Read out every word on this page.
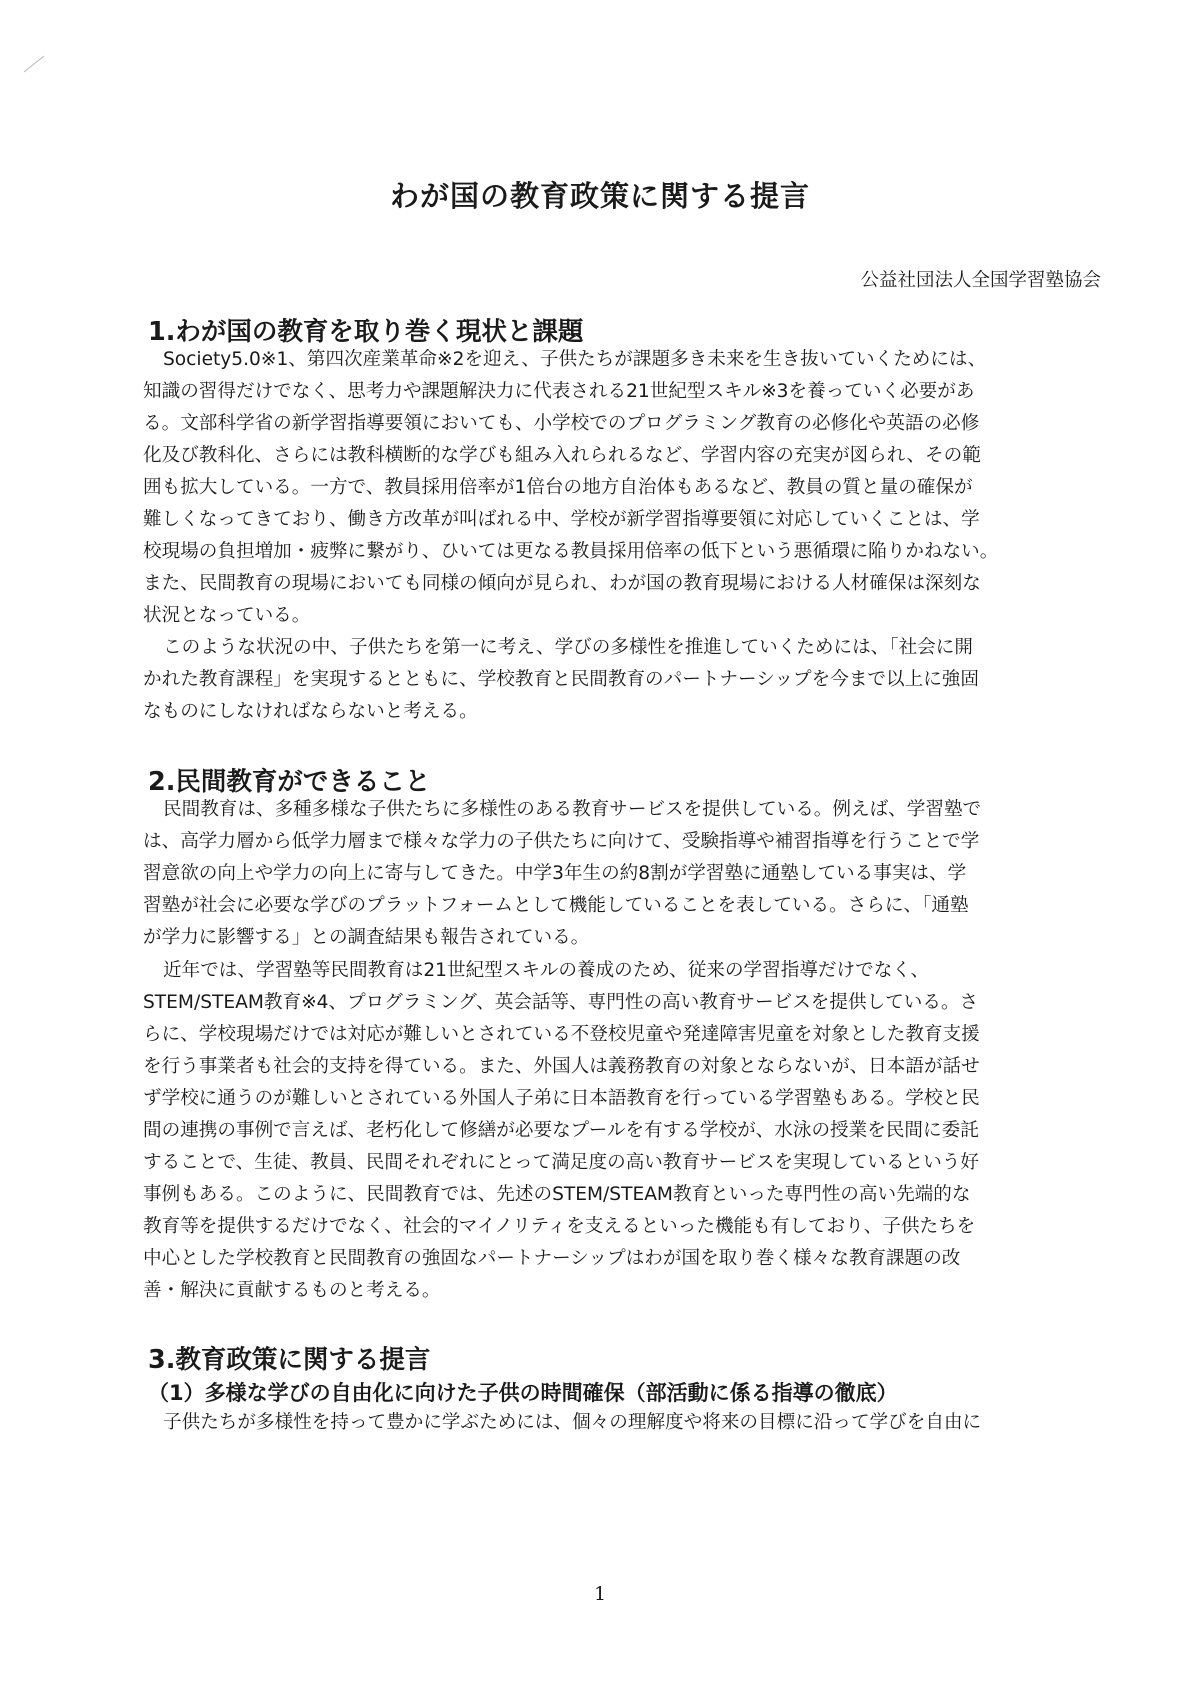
わが国の教育政策に関する提言
公益社団法人全国学習塾協会
1.わが国の教育を取り巻く現状と課題
Society5.0※1、第四次産業革命※2を迎え、子供たちが課題多き未来を生き抜いていくためには、
知識の習得だけでなく、思考力や課題解決力に代表される21世紀型スキル※3を養っていく必要があ
る。文部科学省の新学習指導要領においても、小学校でのプログラミング教育の必修化や英語の必修
化及び教科化、さらには教科横断的な学びも組み入れられるなど、学習内容の充実が図られ、その範
囲も拡大している。一方で、教員採用倍率が1倍台の地方自治体もあるなど、教員の質と量の確保が
難しくなってきており、働き方改革が叫ばれる中、学校が新学習指導要領に対応していくことは、学
校現場の負担増加・疲弊に繋がり、ひいては更なる教員採用倍率の低下という悪循環に陥りかねない。
また、民間教育の現場においても同様の傾向が見られ、わが国の教育現場における人材確保は深刻な
状況となっている。
このような状況の中、子供たちを第一に考え、学びの多様性を推進していくためには、「社会に開
かれた教育課程」を実現するとともに、学校教育と民間教育のパートナーシップを今まで以上に強固
なものにしなければならないと考える。
2.民間教育ができること
民間教育は、多種多様な子供たちに多様性のある教育サービスを提供している。例えば、学習塾で
は、高学力層から低学力層まで様々な学力の子供たちに向けて、受験指導や補習指導を行うことで学
習意欲の向上や学力の向上に寄与してきた。中学3年生の約8割が学習塾に通塾している事実は、学
習塾が社会に必要な学びのプラットフォームとして機能していることを表している。さらに、「通塾
が学力に影響する」との調査結果も報告されている。
近年では、学習塾等民間教育は21世紀型スキルの養成のため、従来の学習指導だけでなく、
STEM/STEAM教育※4、プログラミング、英会話等、専門性の高い教育サービスを提供している。さ
らに、学校現場だけでは対応が難しいとされている不登校児童や発達障害児童を対象とした教育支援
を行う事業者も社会的支持を得ている。また、外国人は義務教育の対象とならないが、日本語が話せ
ず学校に通うのが難しいとされている外国人子弟に日本語教育を行っている学習塾もある。学校と民
間の連携の事例で言えば、老朽化して修繕が必要なプールを有する学校が、水泳の授業を民間に委託
することで、生徒、教員、民間それぞれにとって満足度の高い教育サービスを実現しているという好
事例もある。このように、民間教育では、先述のSTEM/STEAM教育といった専門性の高い先端的な
教育等を提供するだけでなく、社会的マイノリティを支えるといった機能も有しており、子供たちを
中心とした学校教育と民間教育の強固なパートナーシップはわが国を取り巻く様々な教育課題の改
善・解決に貢献するものと考える。
3.教育政策に関する提言
（1）多様な学びの自由化に向けた子供の時間確保（部活動に係る指導の徹底）
子供たちが多様性を持って豊かに学ぶためには、個々の理解度や将来の目標に沿って学びを自由に
1
